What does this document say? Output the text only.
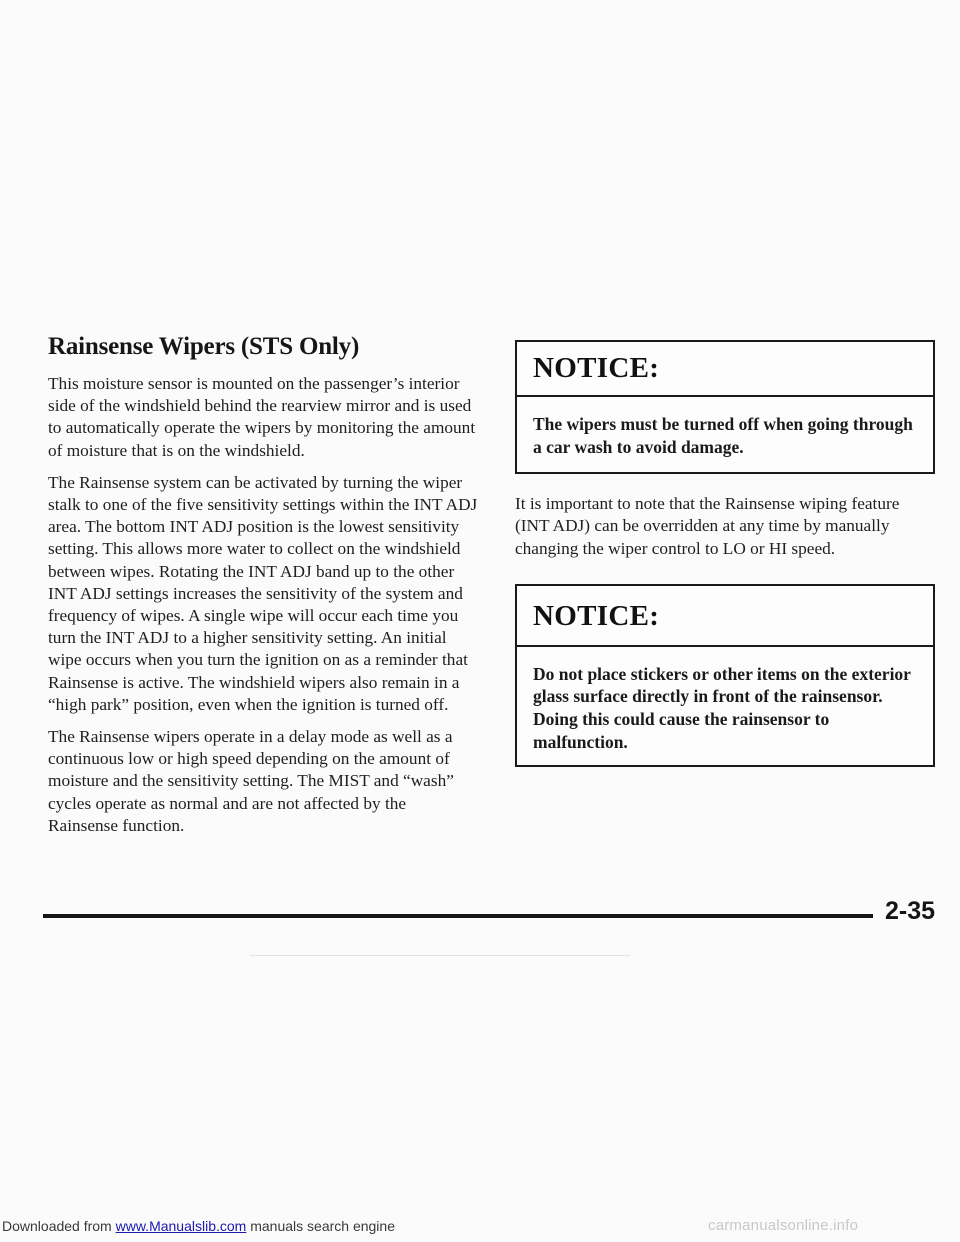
Rainsense Wipers (STS Only)

This moisture sensor is mounted on the passenger’s interior side of the windshield behind the rearview mirror and is used to automatically operate the wipers by monitoring the amount of moisture that is on the windshield.

The Rainsense system can be activated by turning the wiper stalk to one of the five sensitivity settings within the INT ADJ area. The bottom INT ADJ position is the lowest sensitivity setting. This allows more water to collect on the windshield between wipes. Rotating the INT ADJ band up to the other INT ADJ settings increases the sensitivity of the system and frequency of wipes. A single wipe will occur each time you turn the INT ADJ to a higher sensitivity setting. An initial wipe occurs when you turn the ignition on as a reminder that Rainsense is active. The windshield wipers also remain in a “high park” position, even when the ignition is turned off.

The Rainsense wipers operate in a delay mode as well as a continuous low or high speed depending on the amount of moisture and the sensitivity setting. The MIST and “wash” cycles operate as normal and are not affected by the Rainsense function.

NOTICE:
The wipers must be turned off when going through a car wash to avoid damage.

It is important to note that the Rainsense wiping feature (INT ADJ) can be overridden at any time by manually changing the wiper control to LO or HI speed.

NOTICE:
Do not place stickers or other items on the exterior glass surface directly in front of the rainsensor. Doing this could cause the rainsensor to malfunction.
2-35
Downloaded from www.Manualslib.com manuals search engine	carmanualsonline.info
